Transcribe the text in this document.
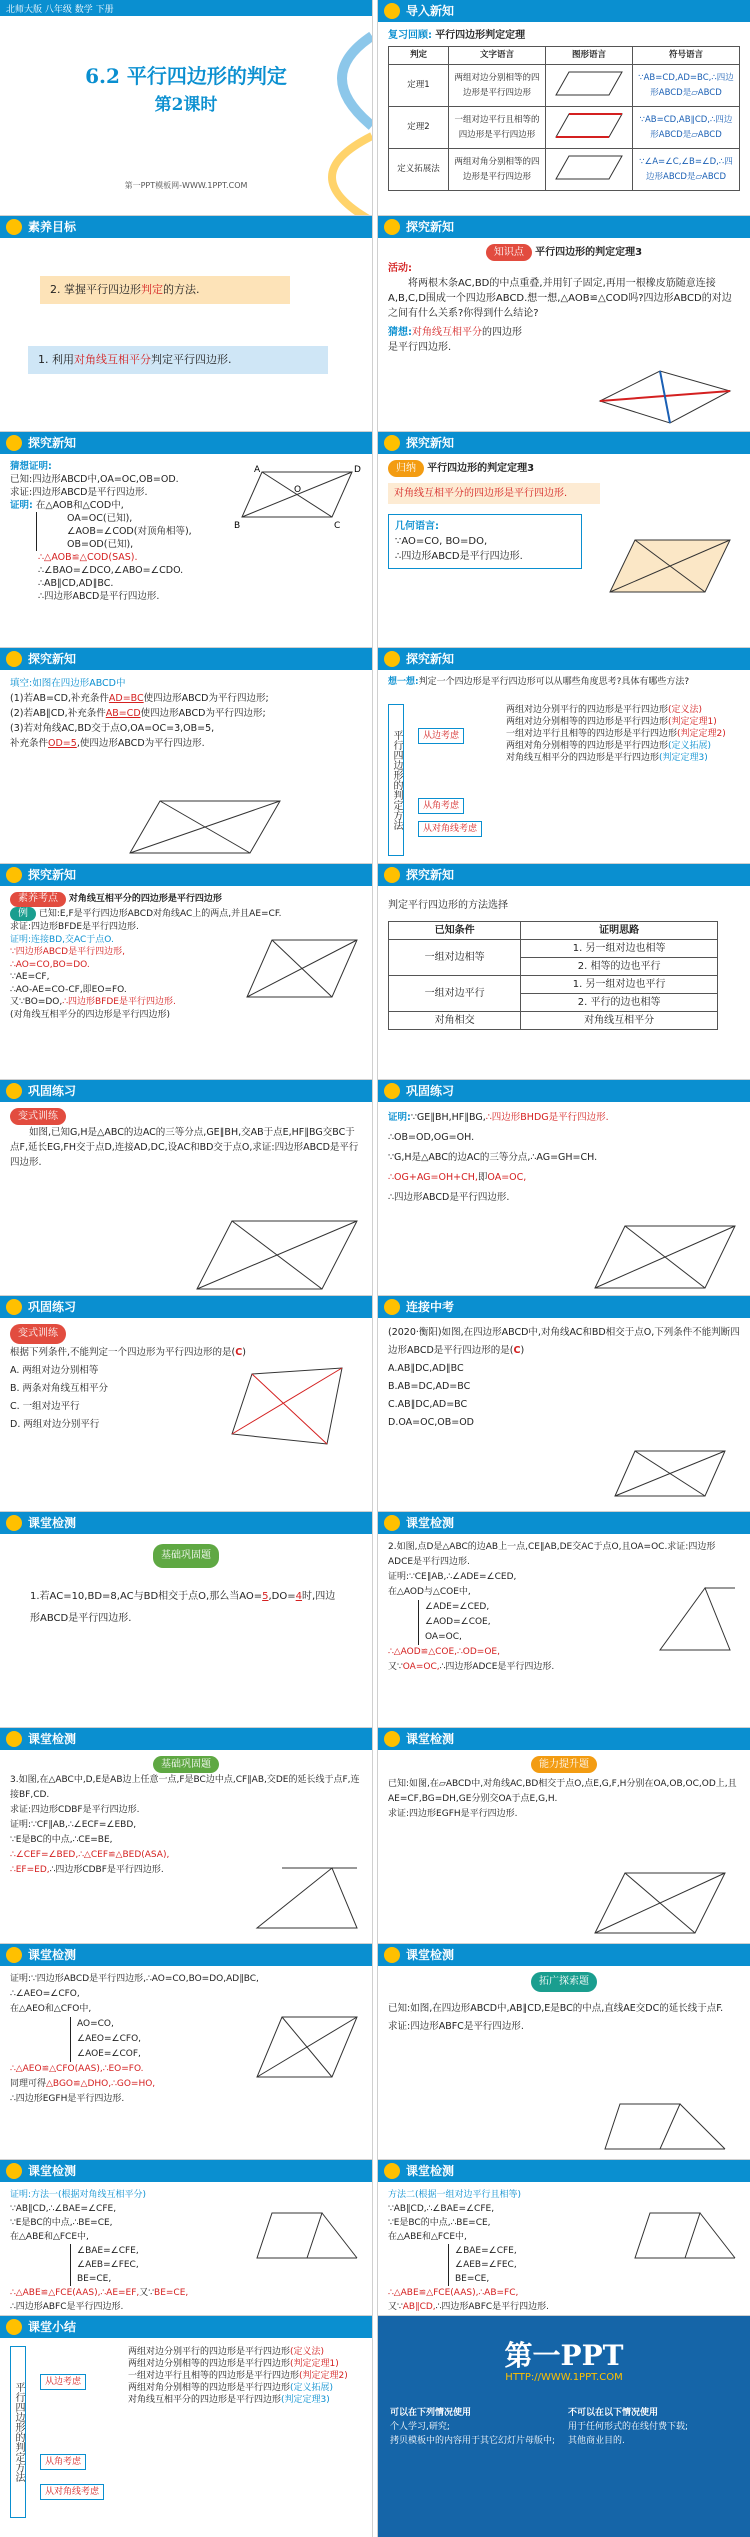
北师大版 八年级 数学 下册
6.2 平行四边形的判定
第2课时
第一PPT模板网-WWW.1PPT.COM
导入新知
复习回顾: 平行四边形判定定理
判定	文字语言	图形语言	符号语言
定理1	两组对边分别相等的四边形是平行四边形		∵AB=CD,AD=BC,∴四边形ABCD是▱ABCD
定理2	一组对边平行且相等的四边形是平行四边形		∵AB=CD,AB∥CD,∴四边形ABCD是▱ABCD
定义拓展法	两组对角分别相等的四边形是平行四边形		∵∠A=∠C,∠B=∠D,∴四边形ABCD是▱ABCD
素养目标
2. 掌握平行四边形判定的方法.
1. 利用对角线互相平分判定平行四边形.
探究新知
知识点 平行四边形的判定定理3
活动:
将两根木条AC,BD的中点重叠,并用钉子固定,再用一根橡皮筋随意连接A,B,C,D围成一个四边形ABCD.想一想,△AOB≌△COD吗?四边形ABCD的对边之间有什么关系?你得到什么结论?
猜想:对角线互相平分的四边形
是平行四边形.
探究新知
猜想证明:
已知:四边形ABCD中,OA=OC,OB=OD.
求证:四边形ABCD是平行四边形.
证明: 在△AOB和△COD中,
OA=OC(已知),
∠AOB=∠COD(对顶角相等),
OB=OD(已知),
∴△AOB≌△COD(SAS).
∴∠BAO=∠DCO,∠ABO=∠CDO.
∴AB∥CD,AD∥BC.
∴四边形ABCD是平行四边形.
A	D
B	C
O
探究新知
归纳 平行四边形的判定定理3
对角线互相平分的四边形是平行四边形.
几何语言:
∵AO=CO, BO=DO,
∴四边形ABCD是平行四边形.
探究新知
填空:如图在四边形ABCD中
(1)若AB=CD,补充条件AD=BC使四边形ABCD为平行四边形;
(2)若AB∥CD,补充条件AB=CD使四边形ABCD为平行四边形;
(3)若对角线AC,BD交于点O,OA=OC=3,OB=5,
补充条件OD=5,使四边形ABCD为平行四边形.
探究新知
想一想:判定一个四边形是平行四边形可以从哪些角度思考?具体有哪些方法?
平行四边形的判定方法	从边考虑
从角考虑
从对角线考虑
两组对边分别平行的四边形是平行四边形(定义法)
两组对边分别相等的四边形是平行四边形(判定定理1)
一组对边平行且相等的四边形是平行四边形(判定定理2)
两组对角分别相等的四边形是平行四边形(定义拓展)
对角线互相平分的四边形是平行四边形(判定定理3)
探究新知
素养考点 对角线互相平分的四边形是平行四边形
例 已知:E,F是平行四边形ABCD对角线AC上的两点,并且AE=CF.
求证:四边形BFDE是平行四边形.
证明:连接BD,交AC于点O.
∵四边形ABCD是平行四边形,
∴AO=CO,BO=DO.
∵AE=CF,
∴AO-AE=CO-CF,即EO=FO.
又∵BO=DO,∴四边形BFDE是平行四边形.
(对角线互相平分的四边形是平行四边形)
探究新知
判定平行四边形的方法选择
已知条件	证明思路
一组对边相等	1. 另一组对边也相等
	2. 相等的边也平行
一组对边平行	1. 另一组对边也平行
	2. 平行的边也相等
对角相交	对角线互相平分
巩固练习
变式训练
如图,已知G,H是△ABC的边AC的三等分点,GE∥BH,交AB于点E,HF∥BG交BC于点F,延长EG,FH交于点D,连接AD,DC,设AC和BD交于点O,求证:四边形ABCD是平行四边形.
巩固练习
证明:∵GE∥BH,HF∥BG,∴四边形BHDG是平行四边形.
∴OB=OD,OG=OH.
∵G,H是△ABC的边AC的三等分点,∴AG=GH=CH.
∴OG+AG=OH+CH,即OA=OC,
∴四边形ABCD是平行四边形.
巩固练习
变式训练
根据下列条件,不能判定一个四边形为平行四边形的是(C)
A. 两组对边分别相等
B. 两条对角线互相平分
C. 一组对边平行
D. 两组对边分别平行
连接中考
(2020·衡阳)如图,在四边形ABCD中,对角线AC和BD相交于点O,下列条件不能判断四边形ABCD是平行四边形的是(C)
A.AB∥DC,AD∥BC
B.AB=DC,AD=BC
C.AB∥DC,AD=BC
D.OA=OC,OB=OD
课堂检测
基础巩固题
1.若AC=10,BD=8,AC与BD相交于点O,那么当AO=5,DO=4时,四边形ABCD是平行四边形.
课堂检测
2.如图,点D是△ABC的边AB上一点,CE∥AB,DE交AC于点O,且OA=OC.求证:四边形ADCE是平行四边形.
证明:∵CE∥AB,∴∠ADE=∠CED,
在△AOD与△COE中,
∠ADE=∠CED,
∠AOD=∠COE,
OA=OC,
∴△AOD≌△COE,∴OD=OE,
又∵OA=OC,∴四边形ADCE是平行四边形.
课堂检测
基础巩固题
3.如图,在△ABC中,D,E是AB边上任意一点,F是BC边中点,CF∥AB,交DE的延长线于点F,连接BF,CD.
求证:四边形CDBF是平行四边形.
证明:∵CF∥AB,∴∠ECF=∠EBD,
∵E是BC的中点,∴CE=BE,
∴∠CEF=∠BED,∴△CEF≌△BED(ASA),
∴EF=ED,∴四边形CDBF是平行四边形.
课堂检测
能力提升题
已知:如图,在▱ABCD中,对角线AC,BD相交于点O,点E,G,F,H分别在OA,OB,OC,OD上,且AE=CF,BG=DH,GE分别交OA于点E,G,H.
求证:四边形EGFH是平行四边形.
课堂检测
证明:∵四边形ABCD是平行四边形,∴AO=CO,BO=DO,AD∥BC,
∴∠AEO=∠CFO,
在△AEO和△CFO中,
AO=CO,
∠AEO=∠CFO,
∠AOE=∠COF,
∴△AEO≌△CFO(AAS),∴EO=FO.
同理可得△BGO≌△DHO,∴GO=HO,
∴四边形EGFH是平行四边形.
课堂检测
拓广探索题
已知:如图,在四边形ABCD中,AB∥CD,E是BC的中点,直线AE交DC的延长线于点F.
求证:四边形ABFC是平行四边形.
课堂检测
证明:方法一(根据对角线互相平分)
∵AB∥CD,∴∠BAE=∠CFE,
∵E是BC的中点,∴BE=CE,
在△ABE和△FCE中,
∠BAE=∠CFE,
∠AEB=∠FEC,
BE=CE,
∴△ABE≌△FCE(AAS),∴AE=EF,又∵BE=CE,
∴四边形ABFC是平行四边形.
课堂检测
方法二(根据一组对边平行且相等)
∵AB∥CD,∴∠BAE=∠CFE,
∵E是BC的中点,∴BE=CE,
在△ABE和△FCE中,
∠BAE=∠CFE,
∠AEB=∠FEC,
BE=CE,
∴△ABE≌△FCE(AAS),∴AB=FC,
又∵AB∥CD,∴四边形ABFC是平行四边形.
课堂小结
平行四边形的判定方法	从边考虑
从角考虑
从对角线考虑
两组对边分别平行的四边形是平行四边形(定义法)
两组对边分别相等的四边形是平行四边形(判定定理1)
一组对边平行且相等的四边形是平行四边形(判定定理2)
两组对角分别相等的四边形是平行四边形(定义拓展)
对角线互相平分的四边形是平行四边形(判定定理3)
第一PPT
HTTP://WWW.1PPT.COM
可以在下列情况使用
个人学习,研究;
拷贝模板中的内容用于其它幻灯片母版中;
不可以在以下情况使用
用于任何形式的在线付费下载;
其他商业目的.
